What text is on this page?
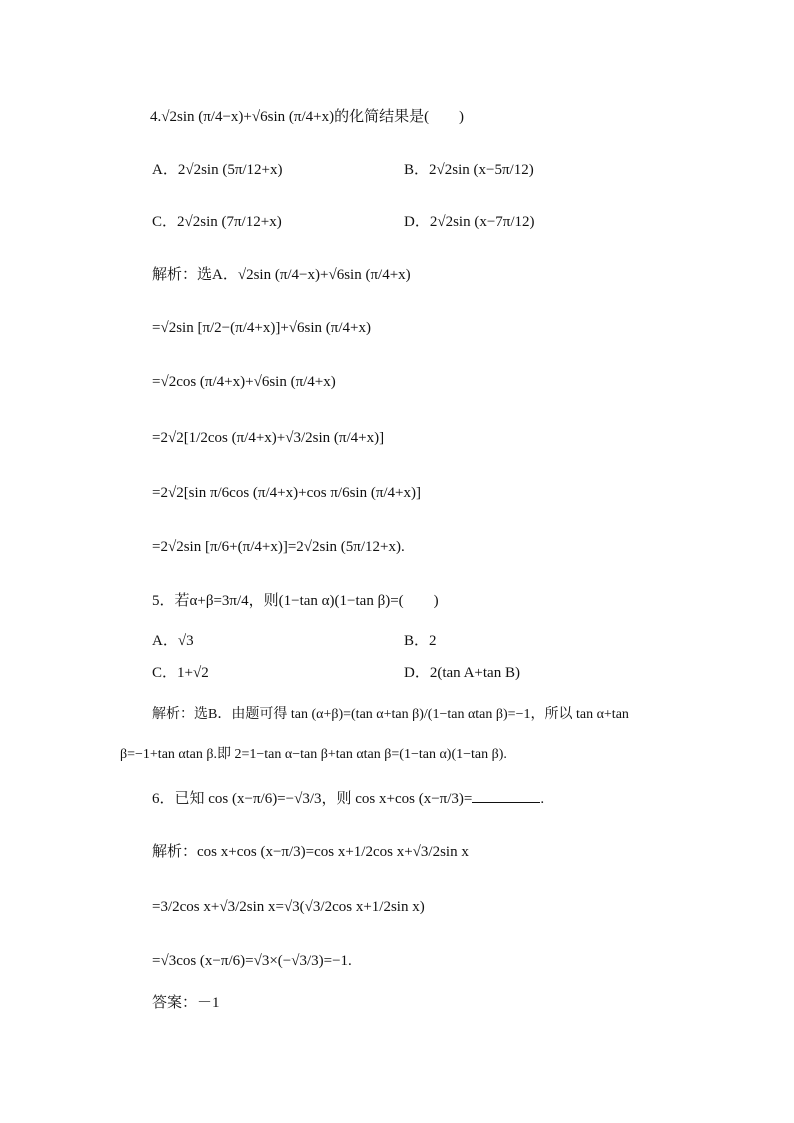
4.√2sin (π/4−x)+√6sin (π/4+x)的化简结果是(　　)
A．2√2sin (5π/12+x)	B．2√2sin (x−5π/12)
C．2√2sin (7π/12+x)	D．2√2sin (x−7π/12)
解析：选A．√2sin (π/4−x)+√6sin (π/4+x)
=√2sin [π/2−(π/4+x)]+√6sin (π/4+x)
=√2cos (π/4+x)+√6sin (π/4+x)
=2√2[1/2cos (π/4+x)+√3/2sin (π/4+x)]
=2√2[sin π/6cos (π/4+x)+cos π/6sin (π/4+x)]
=2√2sin [π/6+(π/4+x)]=2√2sin (5π/12+x).
5．若α+β=3π/4，则(1−tan α)(1−tan β)=(　　)
A．√3	B．2
C．1+√2	D．2(tan A+tan B)
解析：选B．由题可得 tan (α+β)=(tan α+tan β)/(1−tan αtan β)=−1，所以 tan α+tan
β=−1+tan αtan β.即 2=1−tan α−tan β+tan αtan β=(1−tan α)(1−tan β).
6．已知 cos (x−π/6)=−√3/3，则 cos x+cos (x−π/3)=	.
解析：cos x+cos (x−π/3)=cos x+1/2cos x+√3/2sin x
=3/2cos x+√3/2sin x=√3(√3/2cos x+1/2sin x)
=√3cos (x−π/6)=√3×(−√3/3)=−1.
答案：－1
